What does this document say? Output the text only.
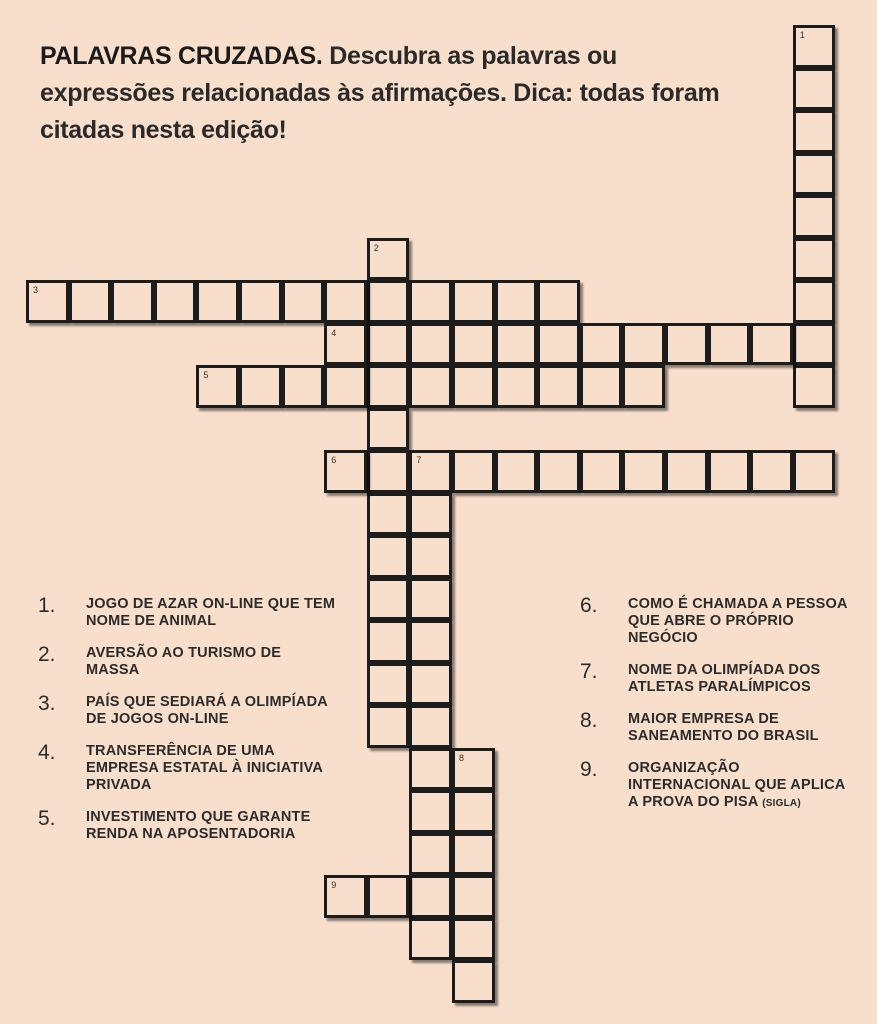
PALAVRAS CRUZADAS. Descubra as palavras ou expressões relacionadas às afirmações. Dica: todas foram citadas nesta edição!
1
2
3
4
5
6	7
8
9
1.	JOGO DE AZAR ON-LINE QUE TEM NOME DE ANIMAL
2.	AVERSÃO AO TURISMO DE MASSA
3.	PAÍS QUE SEDIARÁ A OLIMPÍADA DE JOGOS ON-LINE
4.	TRANSFERÊNCIA DE UMA EMPRESA ESTATAL À INICIATIVA PRIVADA
5.	INVESTIMENTO QUE GARANTE RENDA NA APOSENTADORIA
6.	COMO É CHAMADA A PESSOA QUE ABRE O PRÓPRIO NEGÓCIO
7.	NOME DA OLIMPÍADA DOS ATLETAS PARALÍMPICOS
8.	MAIOR EMPRESA DE SANEAMENTO DO BRASIL
9.	ORGANIZAÇÃO INTERNACIONAL QUE APLICA A PROVA DO PISA (SIGLA)
